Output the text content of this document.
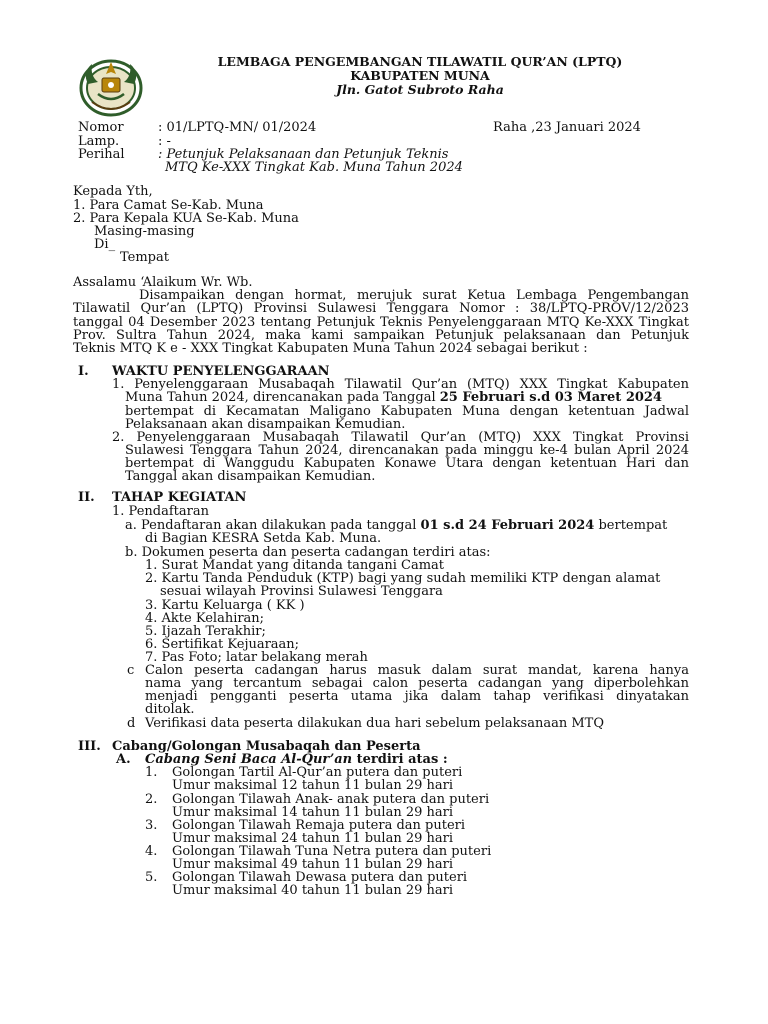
LEMBAGA PENGEMBANGAN TILAWATIL QUR’AN (LPTQ)
KABUPATEN MUNA
Jln. Gatot Subroto Raha
Nomor	: 01/LPTQ-MN/ 01/2024	Raha ,23 Januari 2024
Lamp.	: -
Perihal	: Petunjuk Pelaksanaan dan Petunjuk Teknis
MTQ Ke-XXX Tingkat Kab. Muna Tahun 2024
Kepada Yth,
1. Para Camat Se-Kab. Muna
2. Para Kepala KUA Se-Kab. Muna
Masing-masing
Di_
Tempat
Assalamu ‘Alaikum Wr. Wb.
Disampaikan dengan hormat, merujuk surat Ketua Lembaga Pengembangan
Tilawatil Qur’an (LPTQ) Provinsi Sulawesi Tenggara Nomor : 38/LPTQ-PROV/12/2023
tanggal 04 Desember 2023 tentang Petunjuk Teknis Penyelenggaraan MTQ Ke-XXX Tingkat
Prov. Sultra Tahun 2024, maka kami sampaikan Petunjuk pelaksanaan dan Petunjuk
Teknis MTQ K e - XXX Tingkat Kabupaten Muna Tahun 2024 sebagai berikut :
I. WAKTU PENYELENGGARAAN
1. Penyelenggaraan Musabaqah Tilawatil Qur’an (MTQ) XXX Tingkat Kabupaten
Muna Tahun 2024, direncanakan pada Tanggal 25 Februari s.d 03 Maret 2024
bertempat di Kecamatan Maligano Kabupaten Muna dengan ketentuan Jadwal
Pelaksanaan akan disampaikan Kemudian.
2. Penyelenggaraan Musabaqah Tilawatil Qur’an (MTQ) XXX Tingkat Provinsi
Sulawesi Tenggara Tahun 2024, direncanakan pada minggu ke-4 bulan April 2024
bertempat di Wanggudu Kabupaten Konawe Utara dengan ketentuan Hari dan
Tanggal akan disampaikan Kemudian.
II. TAHAP KEGIATAN
1. Pendaftaran
a. Pendaftaran akan dilakukan pada tanggal 01 s.d 24 Februari 2024 bertempat
di Bagian KESRA Setda Kab. Muna.
b. Dokumen peserta dan peserta cadangan terdiri atas:
1. Surat Mandat yang ditanda tangani Camat
2. Kartu Tanda Penduduk (KTP) bagi yang sudah memiliki KTP dengan alamat
sesuai wilayah Provinsi Sulawesi Tenggara
3. Kartu Keluarga ( KK )
4. Akte Kelahiran;
5. Ijazah Terakhir;
6. Sertifikat Kejuaraan;
7. Pas Foto; latar belakang merah
c Calon peserta cadangan harus masuk dalam surat mandat, karena hanya
nama yang tercantum sebagai calon peserta cadangan yang diperbolehkan
menjadi pengganti peserta utama jika dalam tahap verifikasi dinyatakan
ditolak.
d Verifikasi data peserta dilakukan dua hari sebelum pelaksanaan MTQ
III. Cabang/Golongan Musabaqah dan Peserta
A. Cabang Seni Baca Al-Qur’an terdiri atas :
1. Golongan Tartil Al-Qur’an putera dan puteri
Umur maksimal 12 tahun 11 bulan 29 hari
2. Golongan Tilawah Anak- anak putera dan puteri
Umur maksimal 14 tahun 11 bulan 29 hari
3. Golongan Tilawah Remaja putera dan puteri
Umur maksimal 24 tahun 11 bulan 29 hari
4. Golongan Tilawah Tuna Netra putera dan puteri
Umur maksimal 49 tahun 11 bulan 29 hari
5. Golongan Tilawah Dewasa putera dan puteri
Umur maksimal 40 tahun 11 bulan 29 hari
